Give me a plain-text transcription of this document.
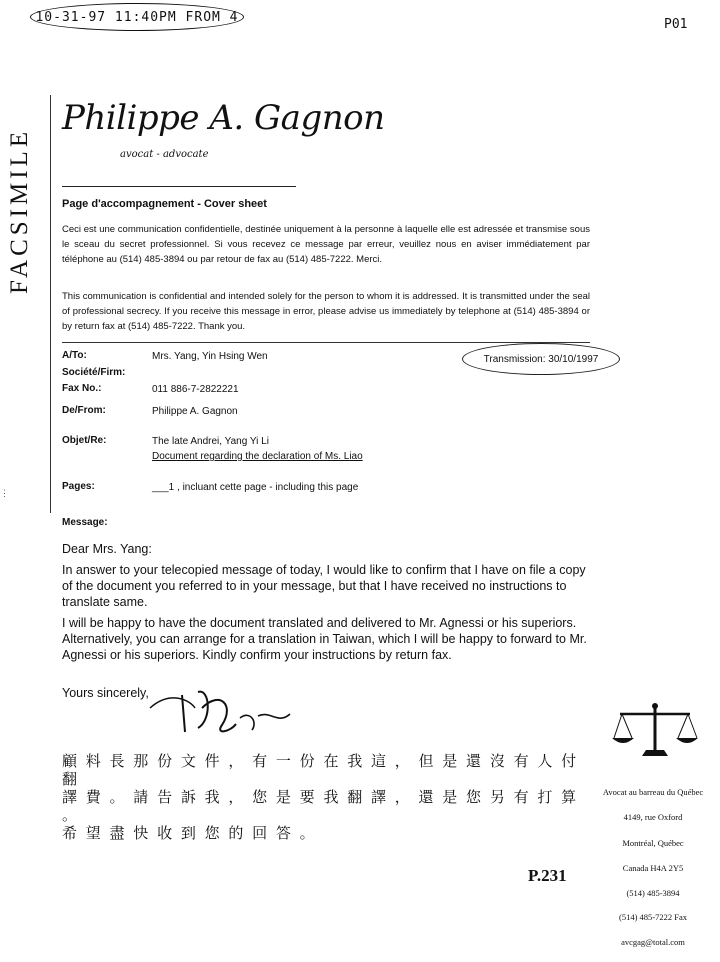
10-31-97 11:40PM FROM 4	P01
FACSIMILE
⋮
Philippe A. Gagnon
avocat - advocate
Page d'accompagnement - Cover sheet
Ceci est une communication confidentielle, destinée uniquement à la personne à laquelle elle est adressée et transmise sous le sceau du secret professionnel. Si vous recevez ce message par erreur, veuillez nous en aviser immédiatement par téléphone au (514) 485-3894 ou par retour de fax au (514) 485-7222. Merci.
This communication is confidential and intended solely for the person to whom it is addressed. It is transmitted under the seal of professional secrecy. If you receive this message in error, please advise us immediately by telephone at (514) 485-3894 or by return fax at (514) 485-7222. Thank you.
A/To:	Mrs. Yang, Yin Hsing Wen	Transmission: 30/10/1997
Société/Firm:
Fax No.:	011 886-7-2822221
De/From:	Philippe A. Gagnon
Objet/Re:	The late Andrei, Yang Yi Li
Document regarding the declaration of Ms. Liao
Pages:	___1 , incluant cette page - including this page
Message:
Dear Mrs. Yang:
In answer to your telecopied message of today, I would like to confirm that I have on file a copy of the document you referred to in your message, but that I have received no instructions to translate same.
I will be happy to have the document translated and delivered to Mr. Agnessi or his superiors. Alternatively, you can arrange for a translation in Taiwan, which I will be happy to forward to Mr. Agnessi or his superiors. Kindly confirm your instructions by return fax.
Yours sincerely,
顧 料 長 那 份 文 件 ， 有 一 份 在 我 這 ， 但 是 還 沒 有 人 付 翻
譯 費 。 請 告 訴 我 ， 您 是 要 我 翻 譯 ， 還 是 您 另 有 打 算 。
希 望 盡 快 收 到 您 的 回 答 。
Avocat au barreau du Québec
4149, rue Oxford
Montréal, Québec
Canada H4A 2Y5
(514) 485-3894
(514) 485-7222 Fax
avcgag@total.com
P.231
